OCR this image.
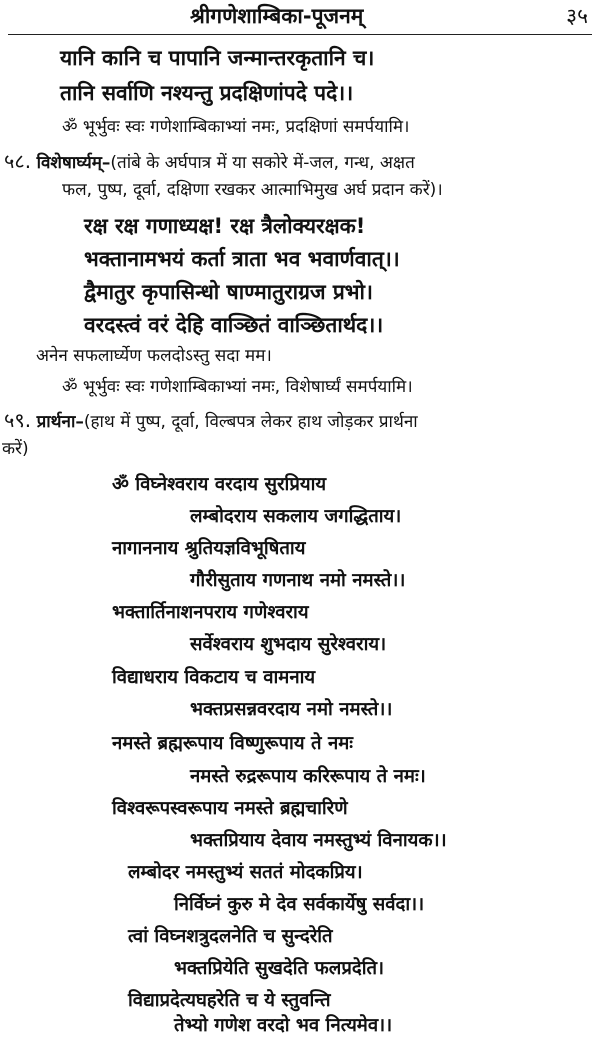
श्रीगणेशाम्बिका-पूजनम्	३५
यानि कानि च पापानि जन्मान्तरकृतानि च।
तानि सर्वाणि नश्यन्तु प्रदक्षिणांपदे पदे।।
ॐ भूर्भुवः स्वः गणेशाम्बिकाभ्यां नमः, प्रदक्षिणां समर्पयामि।
५८. विशेषार्घ्यम्–(तांबे के अर्घपात्र में या सकोरे में-जल, गन्ध, अक्षत
फल, पुष्प, दूर्वा, दक्षिणा रखकर आत्माभिमुख अर्घ प्रदान करें)।
रक्ष रक्ष गणाध्यक्ष! रक्ष त्रैलोक्यरक्षक!
भक्तानामभयं कर्ता त्राता भव भवार्णवात्।।
द्वैमातुर कृपासिन्धो षाण्मातुराग्रज प्रभो।
वरदस्त्वं वरं देहि वाञ्छितं वाञ्छितार्थद।।
अनेन सफलार्घ्येण फलदोऽस्तु सदा मम।
ॐ भूर्भुवः स्वः गणेशाम्बिकाभ्यां नमः, विशेषार्घ्यं समर्पयामि।
५९. प्रार्थना–(हाथ में पुष्प, दूर्वा, विल्बपत्र लेकर हाथ जोड़कर प्रार्थना
करें)
ॐ विघ्नेश्वराय वरदाय सुरप्रियाय
लम्बोदराय सकलाय जगद्धिताय।
नागाननाय श्रुतियज्ञविभूषिताय
गौरीसुताय गणनाथ नमो नमस्ते।।
भक्तार्तिनाशनपराय गणेश्वराय
सर्वेश्वराय शुभदाय सुरेश्वराय।
विद्याधराय विकटाय च वामनाय
भक्तप्रसन्नवरदाय नमो नमस्ते।।
नमस्ते ब्रह्मरूपाय विष्णुरूपाय ते नमः
नमस्ते रुद्ररूपाय करिरूपाय ते नमः।
विश्वरूपस्वरूपाय नमस्ते ब्रह्मचारिणे
भक्तप्रियाय देवाय नमस्तुभ्यं विनायक।।
लम्बोदर नमस्तुभ्यं सततं मोदकप्रिय।
निर्विघ्नं कुरु मे देव सर्वकार्येषु सर्वदा।।
त्वां विघ्नशत्रुदलनेति च सुन्दरेति
भक्तप्रियेति सुखदेति फलप्रदेति।
विद्याप्रदेत्यघहरेति च ये स्तुवन्ति
तेभ्यो गणेश वरदो भव नित्यमेव।।
